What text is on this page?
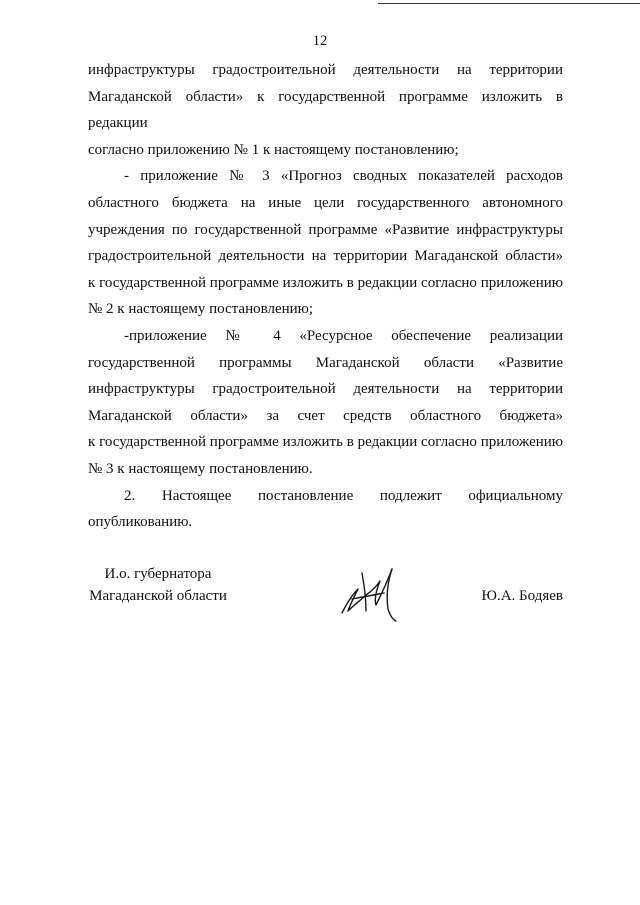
12

инфраструктуры градостроительной деятельности на территории

Магаданской области» к государственной программе изложить в редакции

согласно приложению № 1 к настоящему постановлению;

- приложение № 3 «Прогноз сводных показателей расходов

областного бюджета на иные цели государственного автономного

учреждения по государственной программе «Развитие инфраструктуры

градостроительной деятельности на территории Магаданской области»

к государственной программе изложить в редакции согласно приложению

№ 2 к настоящему постановлению;

-приложение № 4 «Ресурсное обеспечение реализации

государственной программы Магаданской области «Развитие

инфраструктуры градостроительной деятельности на территории

Магаданской области» за счет средств областного бюджета»

к государственной программе изложить в редакции согласно приложению

№ 3 к настоящему постановлению.

2. Настоящее постановление подлежит официальному

опубликованию.

И.о. губернатора
Магаданской области	Ю.А. Бодяев
